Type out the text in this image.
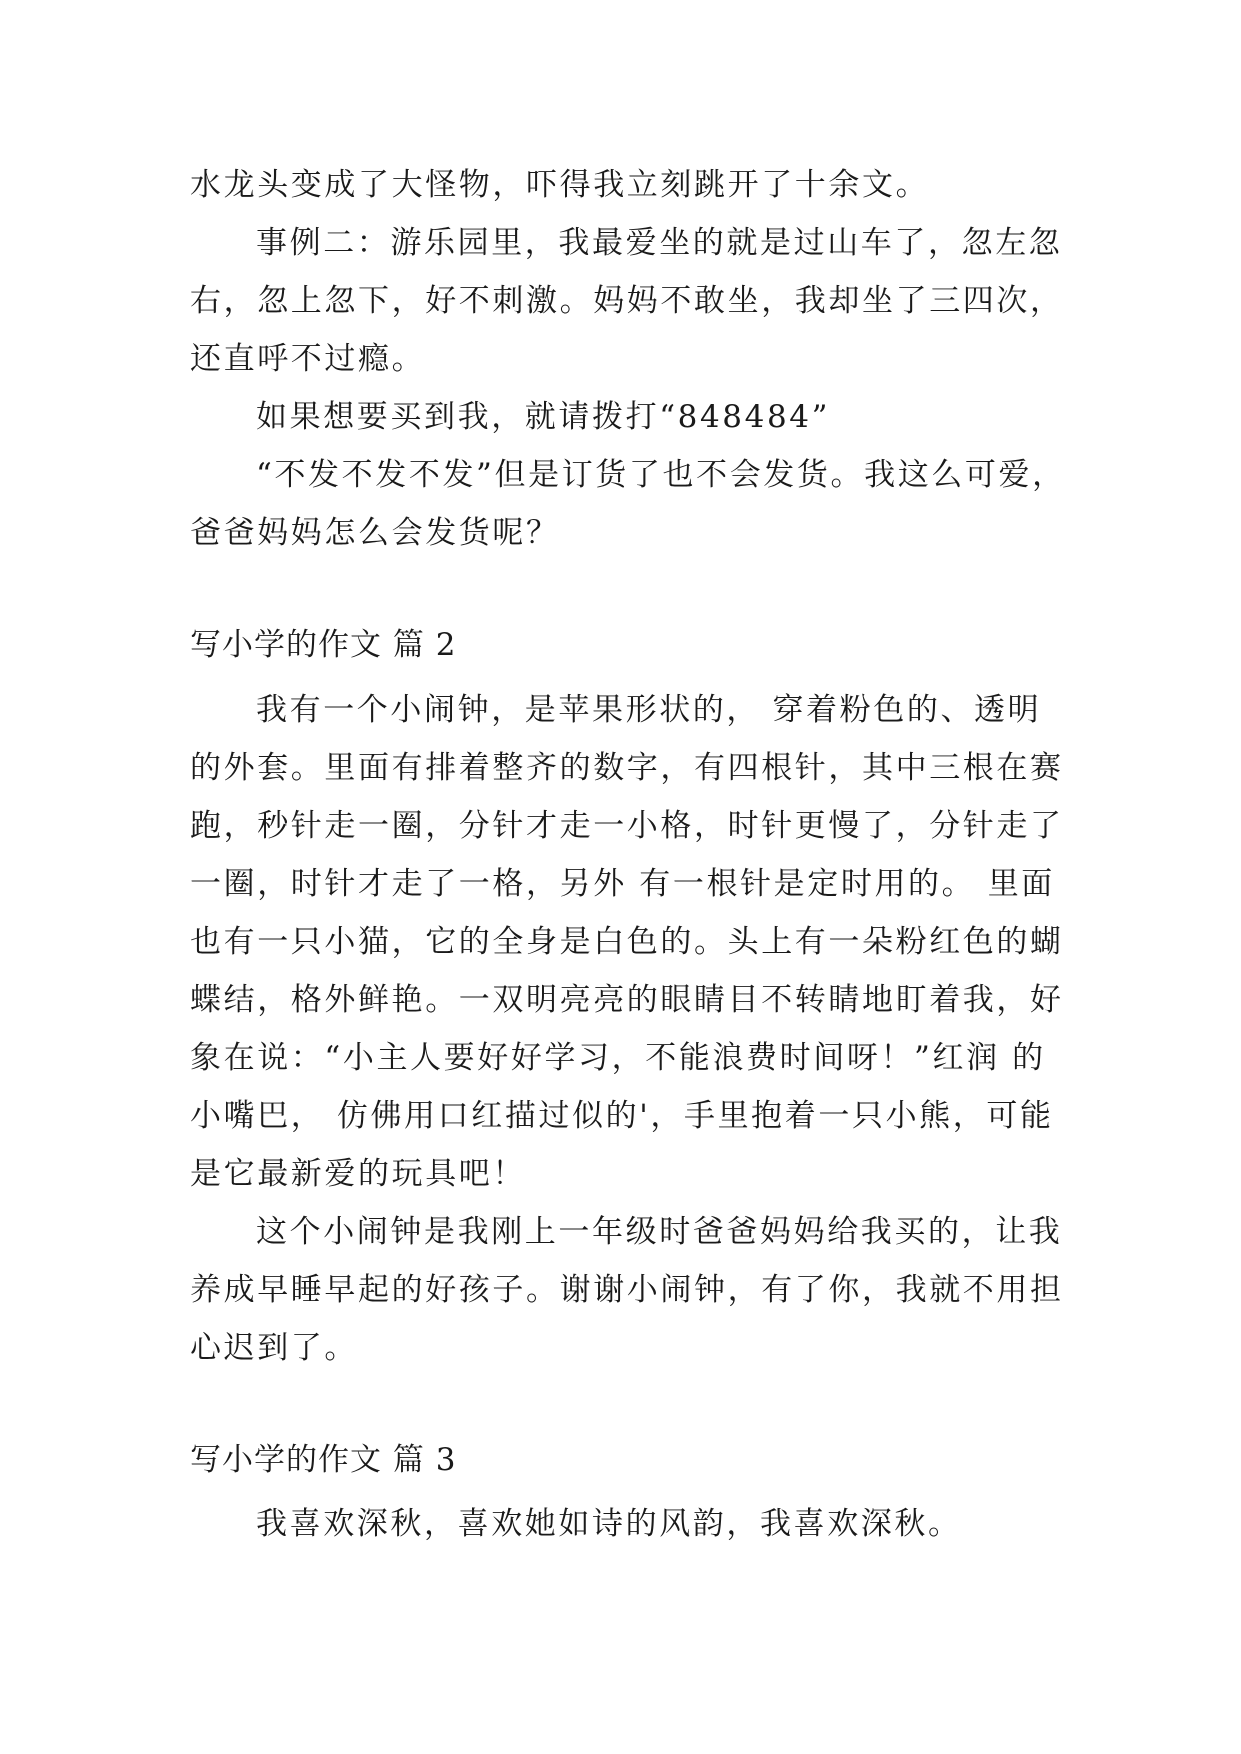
水龙头变成了大怪物，吓得我立刻跳开了十余文。
事例二：游乐园里，我最爱坐的就是过山车了，忽左忽
右，忽上忽下，好不刺激。妈妈不敢坐，我却坐了三四次，
还直呼不过瘾。
如果想要买到我，就请拨打“848484”
“不发不发不发”但是订货了也不会发货。我这么可爱，
爸爸妈妈怎么会发货呢？
写小学的作文 篇 2
我有一个小闹钟，是苹果形状的， 穿着粉色的、透明
的外套。里面有排着整齐的数字，有四根针，其中三根在赛
跑，秒针走一圈，分针才走一小格，时针更慢了，分针走了
一圈，时针才走了一格，另外 有一根针是定时用的。 里面
也有一只小猫，它的全身是白色的。头上有一朵粉红色的蝴
蝶结，格外鲜艳。一双明亮亮的眼睛目不转睛地盯着我，好
象在说：“小主人要好好学习，不能浪费时间呀！”红润 的
小嘴巴， 仿佛用口红描过似的'，手里抱着一只小熊，可能
是它最新爱的玩具吧！
这个小闹钟是我刚上一年级时爸爸妈妈给我买的，让我
养成早睡早起的好孩子。谢谢小闹钟，有了你，我就不用担
心迟到了。
写小学的作文 篇 3
我喜欢深秋，喜欢她如诗的风韵，我喜欢深秋。
